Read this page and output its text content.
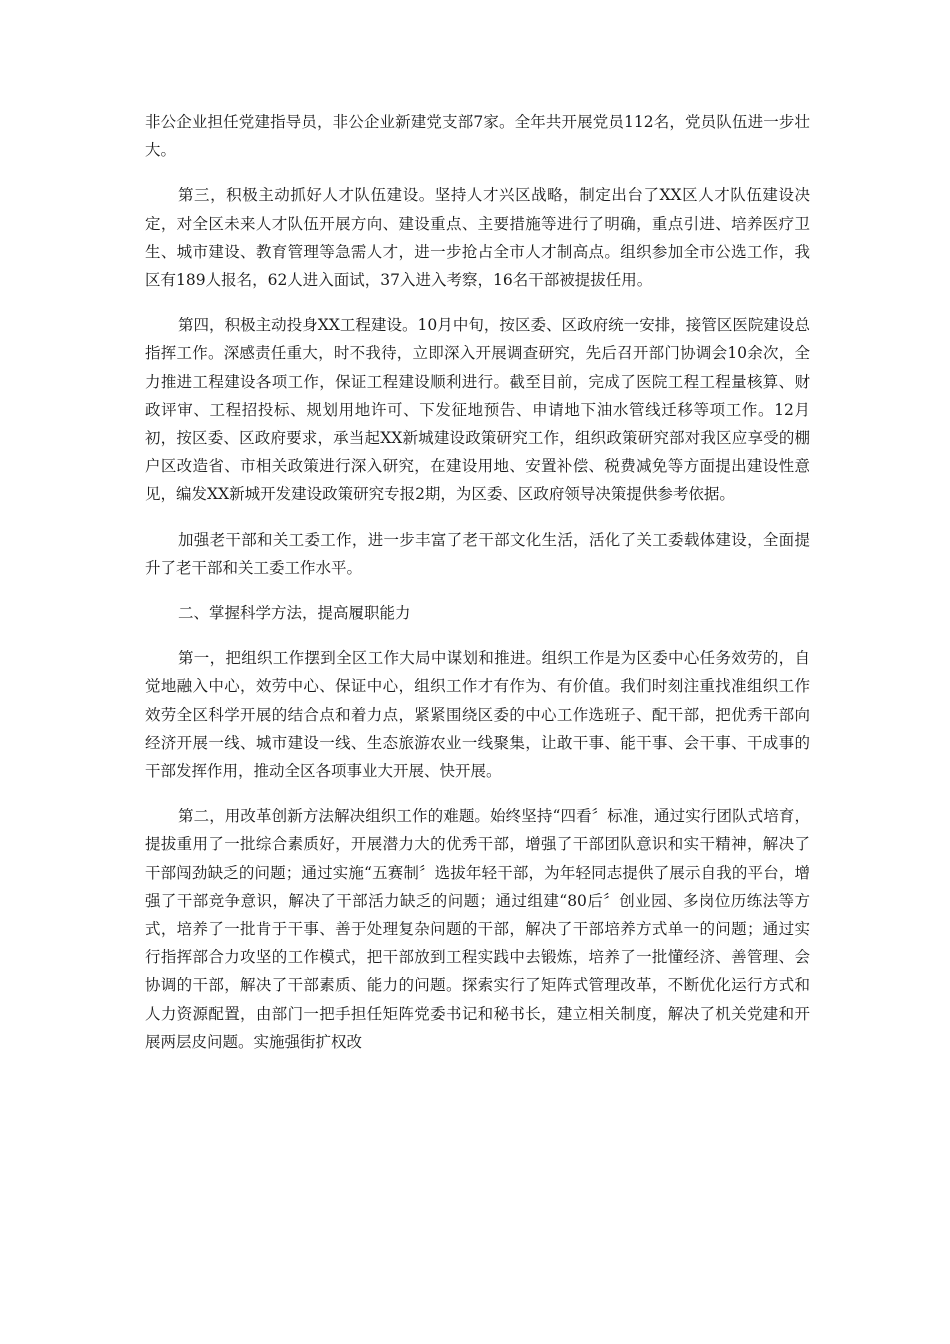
非公企业担任党建指导员，非公企业新建党支部7家。全年共开展党员112名，党员队伍进一步壮大。

第三，积极主动抓好人才队伍建设。坚持人才兴区战略，制定出台了XX区人才队伍建设决定，对全区未来人才队伍开展方向、建设重点、主要措施等进行了明确，重点引进、培养医疗卫生、城市建设、教育管理等急需人才，进一步抢占全市人才制高点。组织参加全市公选工作，我区有189人报名，62人进入面试，37入进入考察，16名干部被提拔任用。

第四，积极主动投身XX工程建设。10月中旬，按区委、区政府统一安排，接管区医院建设总指挥工作。深感责任重大，时不我待，立即深入开展调查研究，先后召开部门协调会10余次，全力推进工程建设各项工作，保证工程建设顺利进行。截至目前，完成了医院工程工程量核算、财政评审、工程招投标、规划用地许可、下发征地预告、申请地下油水管线迁移等项工作。12月初，按区委、区政府要求，承当起XX新城建设政策研究工作，组织政策研究部对我区应享受的棚户区改造省、市相关政策进行深入研究，在建设用地、安置补偿、税费减免等方面提出建设性意见，编发XX新城开发建设政策研究专报2期，为区委、区政府领导决策提供参考依据。

加强老干部和关工委工作，进一步丰富了老干部文化生活，活化了关工委载体建设，全面提升了老干部和关工委工作水平。

二、掌握科学方法，提高履职能力

第一，把组织工作摆到全区工作大局中谋划和推进。组织工作是为区委中心任务效劳的，自觉地融入中心，效劳中心、保证中心，组织工作才有作为、有价值。我们时刻注重找准组织工作效劳全区科学开展的结合点和着力点，紧紧围绕区委的中心工作选班子、配干部，把优秀干部向经济开展一线、城市建设一线、生态旅游农业一线聚集，让敢干事、能干事、会干事、干成事的干部发挥作用，推动全区各项事业大开展、快开展。

第二，用改革创新方法解决组织工作的难题。始终坚持“四看〞标准，通过实行团队式培育，提拔重用了一批综合素质好，开展潜力大的优秀干部，增强了干部团队意识和实干精神，解决了干部闯劲缺乏的问题；通过实施“五赛制〞选拔年轻干部，为年轻同志提供了展示自我的平台，增强了干部竞争意识，解决了干部活力缺乏的问题；通过组建“80后〞创业园、多岗位历练法等方式，培养了一批肯于干事、善于处理复杂问题的干部，解决了干部培养方式单一的问题；通过实行指挥部合力攻坚的工作模式，把干部放到工程实践中去锻炼，培养了一批懂经济、善管理、会协调的干部，解决了干部素质、能力的问题。探索实行了矩阵式管理改革，不断优化运行方式和人力资源配置，由部门一把手担任矩阵党委书记和秘书长，建立相关制度，解决了机关党建和开展两层皮问题。实施强街扩权改
